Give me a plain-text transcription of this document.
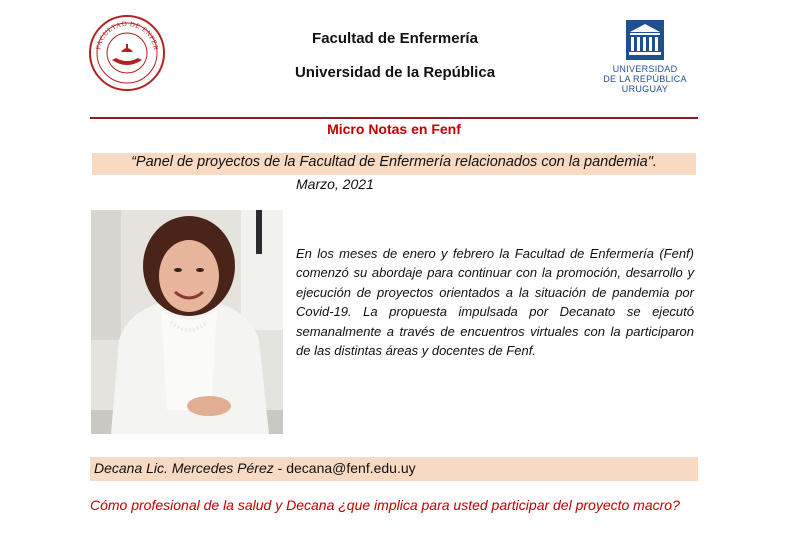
FACULTAD DE ENFER
Facultad de Enfermería
Universidad de la República	UNIVERSIDAD
DE LA REPÚBLICA
URUGUAY
Micro Notas en Fenf
“Panel de proyectos de la Facultad de Enfermería relacionados con la pandemia".
Marzo, 2021
En los meses de enero y febrero la Facultad de Enfermería (Fenf) comenzó su abordaje para continuar con la promoción, desarrollo y ejecución de proyectos orientados a la situación de pandemia por Covid-19. La propuesta impulsada por Decanato se ejecutó semanalmente a través de encuentros virtuales con la participaron de las distintas áreas y docentes de Fenf.
Decana Lic. Mercedes Pérez - decana@fenf.edu.uy
Cómo profesional de la salud y Decana ¿que implica para usted participar del proyecto macro?
